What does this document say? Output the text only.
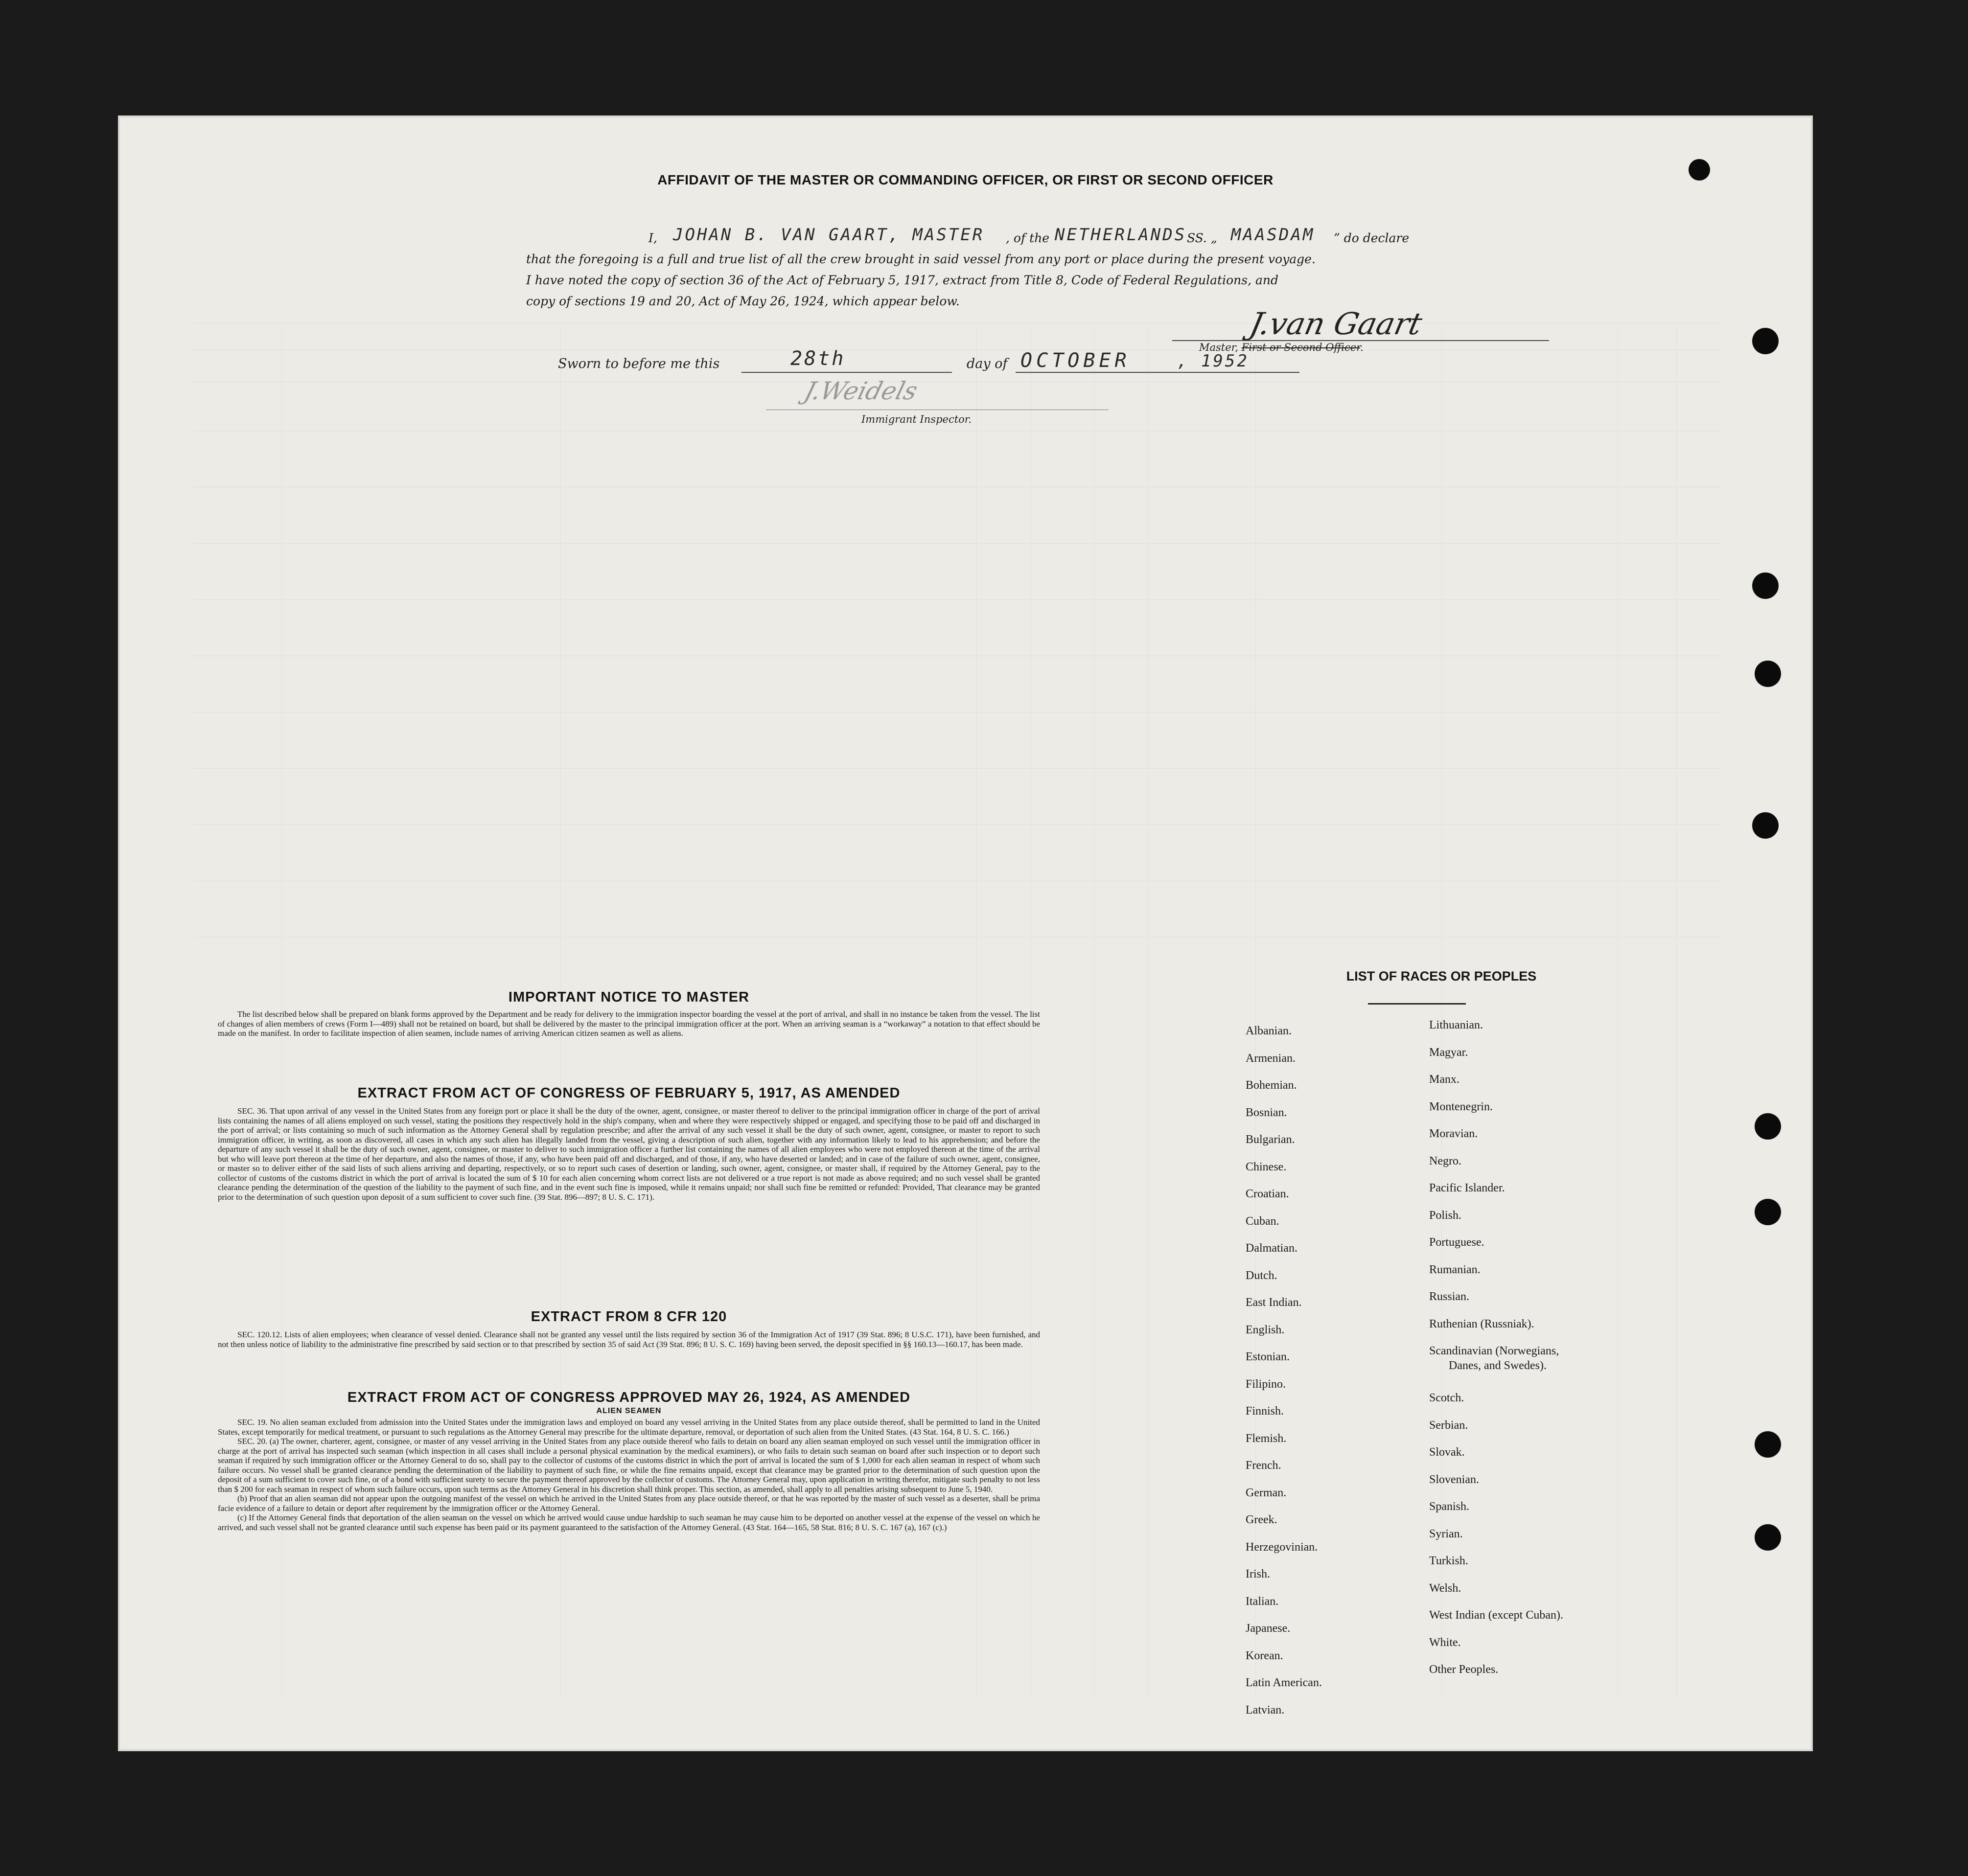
AFFIDAVIT OF THE MASTER OR COMMANDING OFFICER, OR FIRST OR SECOND OFFICER
I, JOHAN B. VAN GAART, MASTER , of the NETHERLANDS SS. „ MAASDAM ” do declare
that the foregoing is a full and true list of all the crew brought in said vessel from any port or place during the present voyage.
I have noted the copy of section 36 of the Act of February 5, 1917, extract from Title 8, Code of Federal Regulations, and
copy of sections 19 and 20, Act of May 26, 1924, which appear below.
J.van Gaart
Master, First or Second Officer.
Sworn to before me this	28th	day of OCTOBER	, 1952
J.Weidels
Immigrant Inspector.
IMPORTANT NOTICE TO MASTER

The list described below shall be prepared on blank forms approved by the Department and be ready for delivery to the immigration inspector boarding the vessel at the port of arrival, and shall in no instance be taken from the vessel. The list of changes of alien members of crews (Form I—489) shall not be retained on board, but shall be delivered by the master to the principal immigration officer at the port. When an arriving seaman is a “workaway” a notation to that effect should be made on the manifest. In order to facilitate inspection of alien seamen, include names of arriving American citizen seamen as well as aliens.

EXTRACT FROM ACT OF CONGRESS OF FEBRUARY 5, 1917, AS AMENDED

SEC. 36. That upon arrival of any vessel in the United States from any foreign port or place it shall be the duty of the owner, agent, consignee, or master thereof to deliver to the principal immigration officer in charge of the port of arrival lists containing the names of all aliens employed on such vessel, stating the positions they respectively hold in the ship's company, when and where they were respectively shipped or engaged, and specifying those to be paid off and discharged in the port of arrival; or lists containing so much of such information as the Attorney General shall by regulation prescribe; and after the arrival of any such vessel it shall be the duty of such owner, agent, consignee, or master to report to such immigration officer, in writing, as soon as discovered, all cases in which any such alien has illegally landed from the vessel, giving a description of such alien, together with any information likely to lead to his apprehension; and before the departure of any such vessel it shall be the duty of such owner, agent, consignee, or master to deliver to such immigration officer a further list containing the names of all alien employees who were not employed thereon at the time of the arrival but who will leave port thereon at the time of her departure, and also the names of those, if any, who have been paid off and discharged, and of those, if any, who have deserted or landed; and in case of the failure of such owner, agent, consignee, or master so to deliver either of the said lists of such aliens arriving and departing, respectively, or so to report such cases of desertion or landing, such owner, agent, consignee, or master shall, if required by the Attorney General, pay to the collector of customs of the customs district in which the port of arrival is located the sum of $ 10 for each alien concerning whom correct lists are not delivered or a true report is not made as above required; and no such vessel shall be granted clearance pending the determination of the question of the liability to the payment of such fine, and in the event such fine is imposed, while it remains unpaid; nor shall such fine be remitted or refunded: Provided, That clearance may be granted prior to the determination of such question upon deposit of a sum sufficient to cover such fine. (39 Stat. 896—897; 8 U. S. C. 171).

EXTRACT FROM 8 CFR 120

SEC. 120.12. Lists of alien employees; when clearance of vessel denied. Clearance shall not be granted any vessel until the lists required by section 36 of the Immigration Act of 1917 (39 Stat. 896; 8 U.S.C. 171), have been furnished, and not then unless notice of liability to the administrative fine prescribed by said section or to that prescribed by section 35 of said Act (39 Stat. 896; 8 U. S. C. 169) having been served, the deposit specified in §§ 160.13—160.17, has been made.

EXTRACT FROM ACT OF CONGRESS APPROVED MAY 26, 1924, AS AMENDED
ALIEN SEAMEN

SEC. 19. No alien seaman excluded from admission into the United States under the immigration laws and employed on board any vessel arriving in the United States from any place outside thereof, shall be permitted to land in the United States, except temporarily for medical treatment, or pursuant to such regulations as the Attorney General may prescribe for the ultimate departure, removal, or deportation of such alien from the United States. (43 Stat. 164, 8 U. S. C. 166.)

SEC. 20. (a) The owner, charterer, agent, consignee, or master of any vessel arriving in the United States from any place outside thereof who fails to detain on board any alien seaman employed on such vessel until the immigration officer in charge at the port of arrival has inspected such seaman (which inspection in all cases shall include a personal physical examination by the medical examiners), or who fails to detain such seaman on board after such inspection or to deport such seaman if required by such immigration officer or the Attorney General to do so, shall pay to the collector of customs of the customs district in which the port of arrival is located the sum of $ 1,000 for each alien seaman in respect of whom such failure occurs. No vessel shall be granted clearance pending the determination of the liability to payment of such fine, or while the fine remains unpaid, except that clearance may be granted prior to the determination of such question upon the deposit of a sum sufficient to cover such fine, or of a bond with sufficient surety to secure the payment thereof approved by the collector of customs. The Attorney General may, upon application in writing therefor, mitigate such penalty to not less than $ 200 for each seaman in respect of whom such failure occurs, upon such terms as the Attorney General in his discretion shall think proper. This section, as amended, shall apply to all penalties arising subsequent to June 5, 1940.

(b) Proof that an alien seaman did not appear upon the outgoing manifest of the vessel on which he arrived in the United States from any place outside thereof, or that he was reported by the master of such vessel as a deserter, shall be prima facie evidence of a failure to detain or deport after requirement by the immigration officer or the Attorney General.

(c) If the Attorney General finds that deportation of the alien seaman on the vessel on which he arrived would cause undue hardship to such seaman he may cause him to be deported on another vessel at the expense of the vessel on which he arrived, and such vessel shall not be granted clearance until such expense has been paid or its payment guaranteed to the satisfaction of the Attorney General. (43 Stat. 164—165, 58 Stat. 816; 8 U. S. C. 167 (a), 167 (c).)

LIST OF RACES OR PEOPLES
Albanian.
Armenian.
Bohemian.
Bosnian.
Bulgarian.
Chinese.
Croatian.
Cuban.
Dalmatian.
Dutch.
East Indian.
English.
Estonian.
Filipino.
Finnish.
Flemish.
French.
German.
Greek.
Herzegovinian.
Irish.
Italian.
Japanese.
Korean.
Latin American.
Latvian.
Lithuanian.
Magyar.
Manx.
Montenegrin.
Moravian.
Negro.
Pacific Islander.
Polish.
Portuguese.
Rumanian.
Russian.
Ruthenian (Russniak).
Scandinavian (Norwegians,
Danes, and Swedes).
Scotch.
Serbian.
Slovak.
Slovenian.
Spanish.
Syrian.
Turkish.
Welsh.
West Indian (except Cuban).
White.
Other Peoples.
